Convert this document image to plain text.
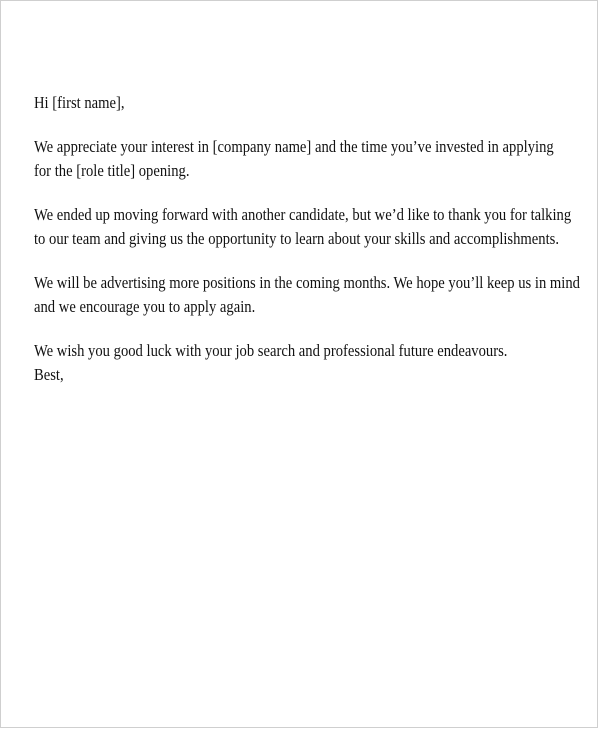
Hi [first name],
We appreciate your interest in [company name] and the time you’ve invested in applying
for the [role title] opening.
We ended up moving forward with another candidate, but we’d like to thank you for talking
to our team and giving us the opportunity to learn about your skills and accomplishments.
We will be advertising more positions in the coming months. We hope you’ll keep us in mind
and we encourage you to apply again.
We wish you good luck with your job search and professional future endeavours.
Best,
